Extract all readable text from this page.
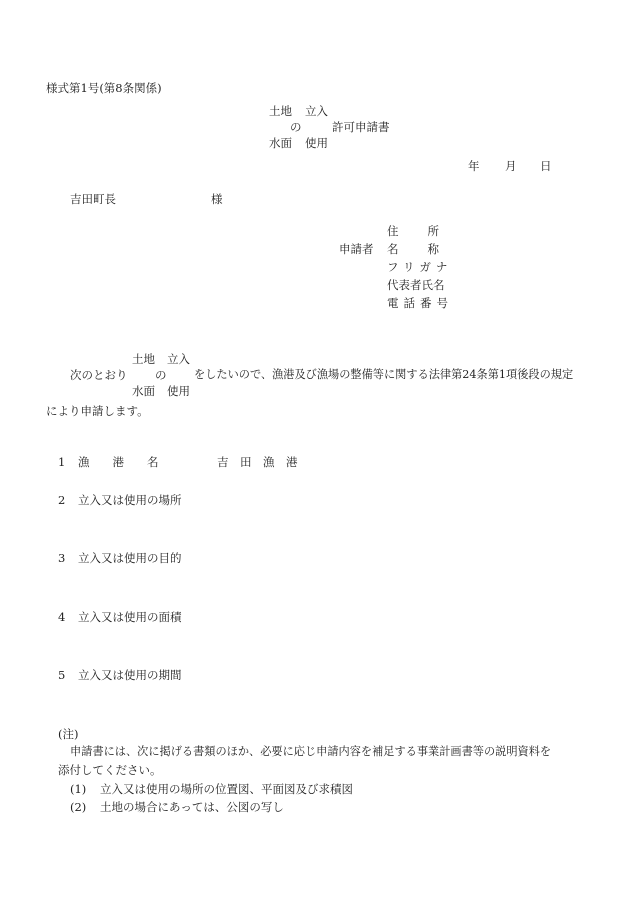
様式第1号(第8条関係)
土地 立入
の	許可申請書
水面 使用
年 月 日
吉田町長	様
申請者
住　　所
名　　称
フリガナ
代表者氏名
電話番号
土地 立入
次のとおり の をしたいので、漁港及び漁場の整備等に関する法律第24条第1項後段の規定
水面 使用
により申請します。
1 漁　　港　　名	吉　田　漁　港
2 立入又は使用の場所
3 立入又は使用の目的
4 立入又は使用の面積
5 立入又は使用の期間
(注)
申請書には、次に掲げる書類のほか、必要に応じ申請内容を補足する事業計画書等の説明資料を
添付してください。
(1) 立入又は使用の場所の位置図、平面図及び求積図
(2) 土地の場合にあっては、公図の写し
